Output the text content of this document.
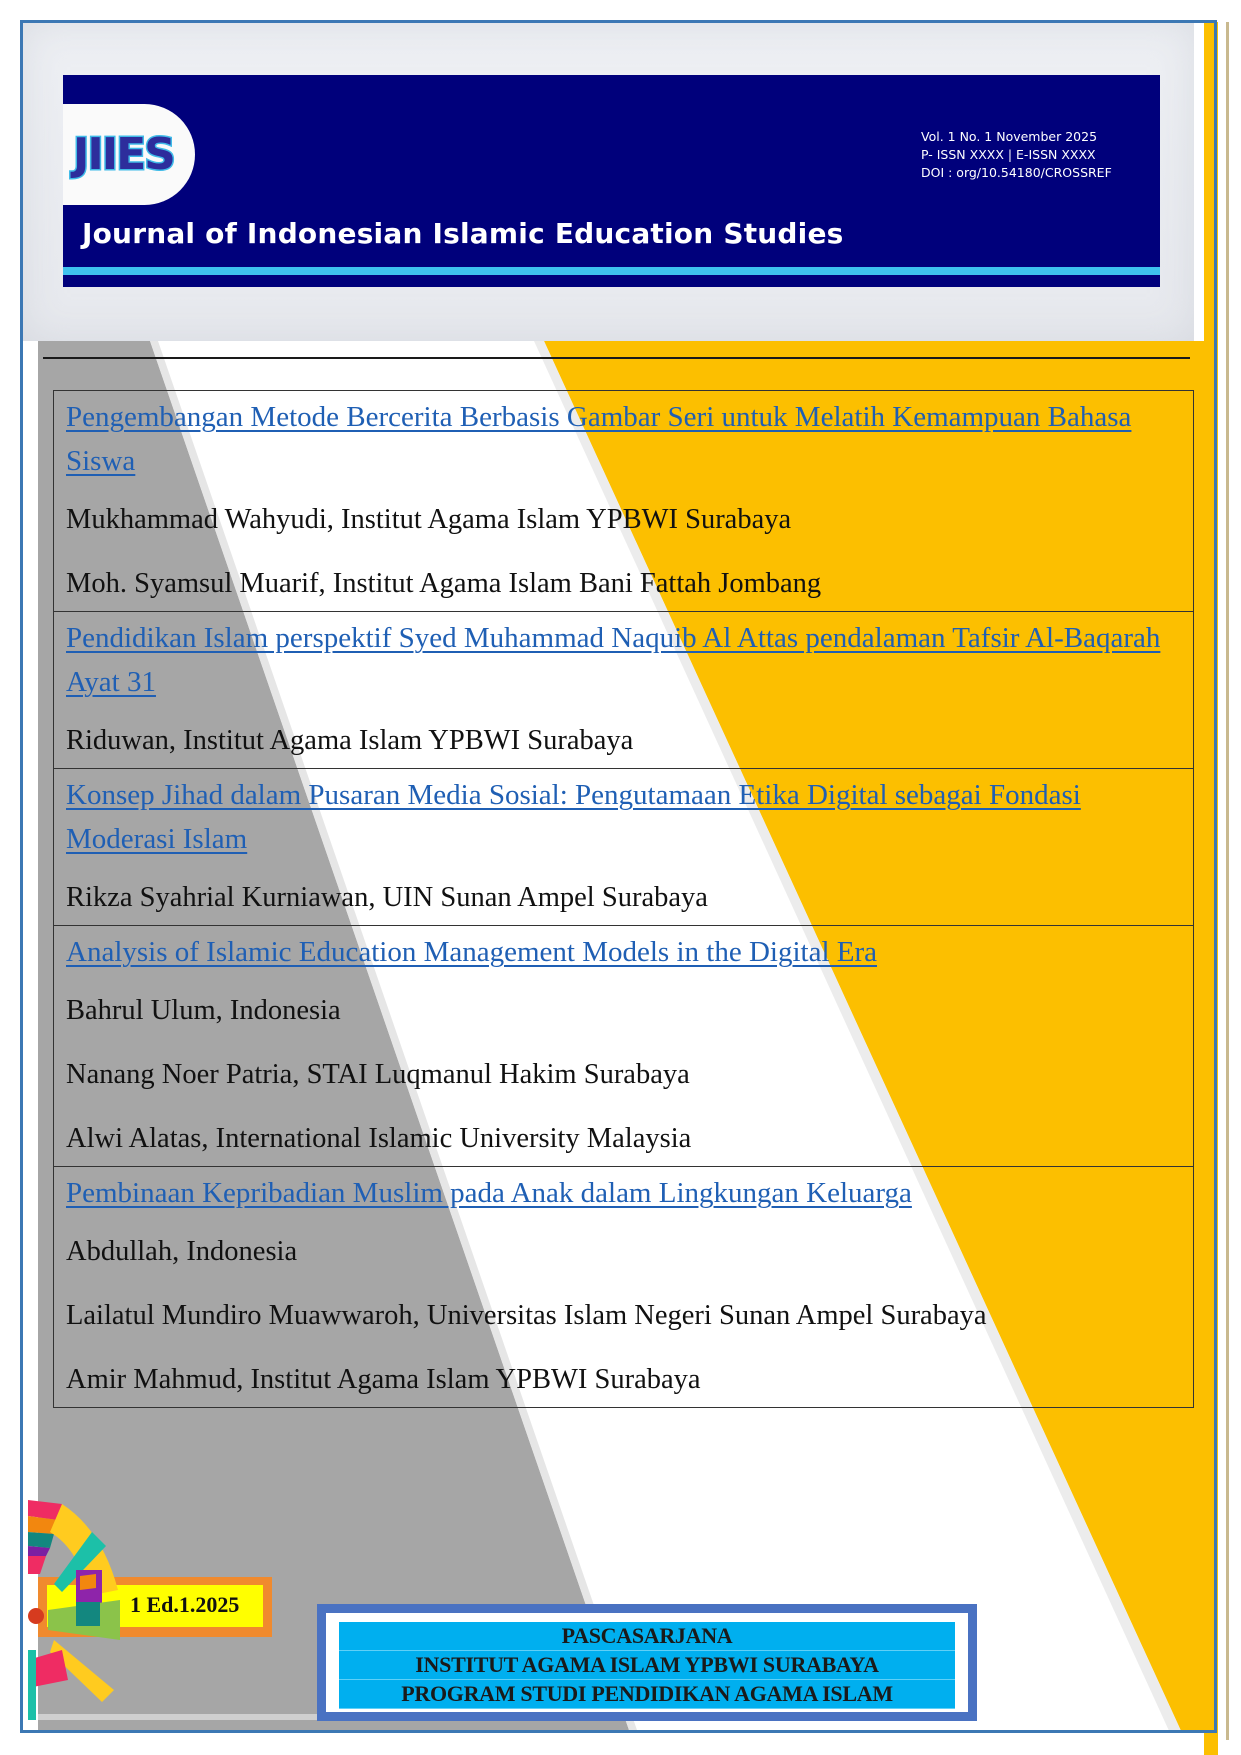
JIIES
Journal of Indonesian Islamic Education Studies
Vol. 1 No. 1 November 2025
P- ISSN XXXX | E-ISSN XXXX
DOI : org/10.54180/CROSSREF
Pengembangan Metode Bercerita Berbasis Gambar Seri untuk Melatih Kemampuan Bahasa Siswa
Mukhammad Wahyudi, Institut Agama Islam YPBWI Surabaya
Moh. Syamsul Muarif, Institut Agama Islam Bani Fattah Jombang
Pendidikan Islam perspektif Syed Muhammad Naquib Al Attas pendalaman Tafsir Al-Baqarah Ayat 31
Riduwan, Institut Agama Islam YPBWI Surabaya
Konsep Jihad dalam Pusaran Media Sosial: Pengutamaan Etika Digital sebagai Fondasi Moderasi Islam
Rikza Syahrial Kurniawan, UIN Sunan Ampel Surabaya
Analysis of Islamic Education Management Models in the Digital Era
Bahrul Ulum, Indonesia
Nanang Noer Patria, STAI Luqmanul Hakim Surabaya
Alwi Alatas, International Islamic University Malaysia
Pembinaan Kepribadian Muslim pada Anak dalam Lingkungan Keluarga
Abdullah, Indonesia
Lailatul Mundiro Muawwaroh, Universitas Islam Negeri Sunan Ampel Surabaya
Amir Mahmud, Institut Agama Islam YPBWI Surabaya
1 Ed.1.2025
PASCASARJANA
INSTITUT AGAMA ISLAM YPBWI SURABAYA
PROGRAM STUDI PENDIDIKAN AGAMA ISLAM
